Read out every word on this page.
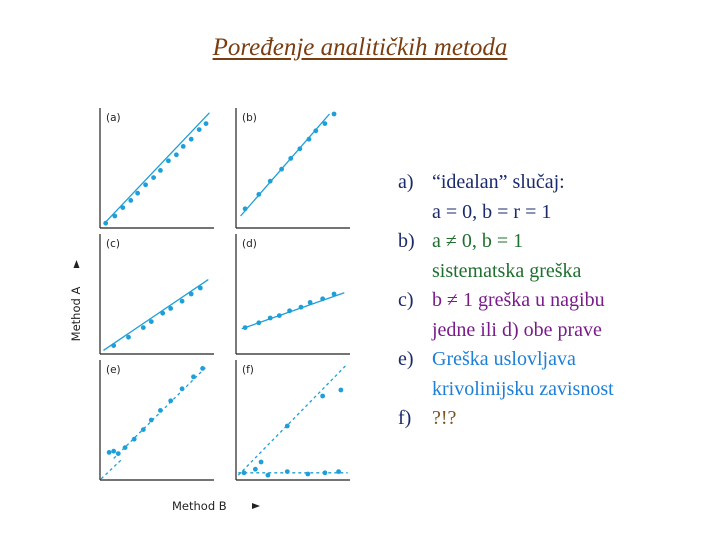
Poređenje analitičkih metoda
(a)	(b)
(c)	(d)
(e)	(f)
Method A
Method B
a) “idealan” slučaj:
a = 0, b = r = 1
b) a ≠ 0, b = 1
sistematska greška
c) b ≠ 1 greška u nagibu
jedne ili d) obe prave
e) Greška uslovljava
krivolinijsku zavisnost
f)	?!?
